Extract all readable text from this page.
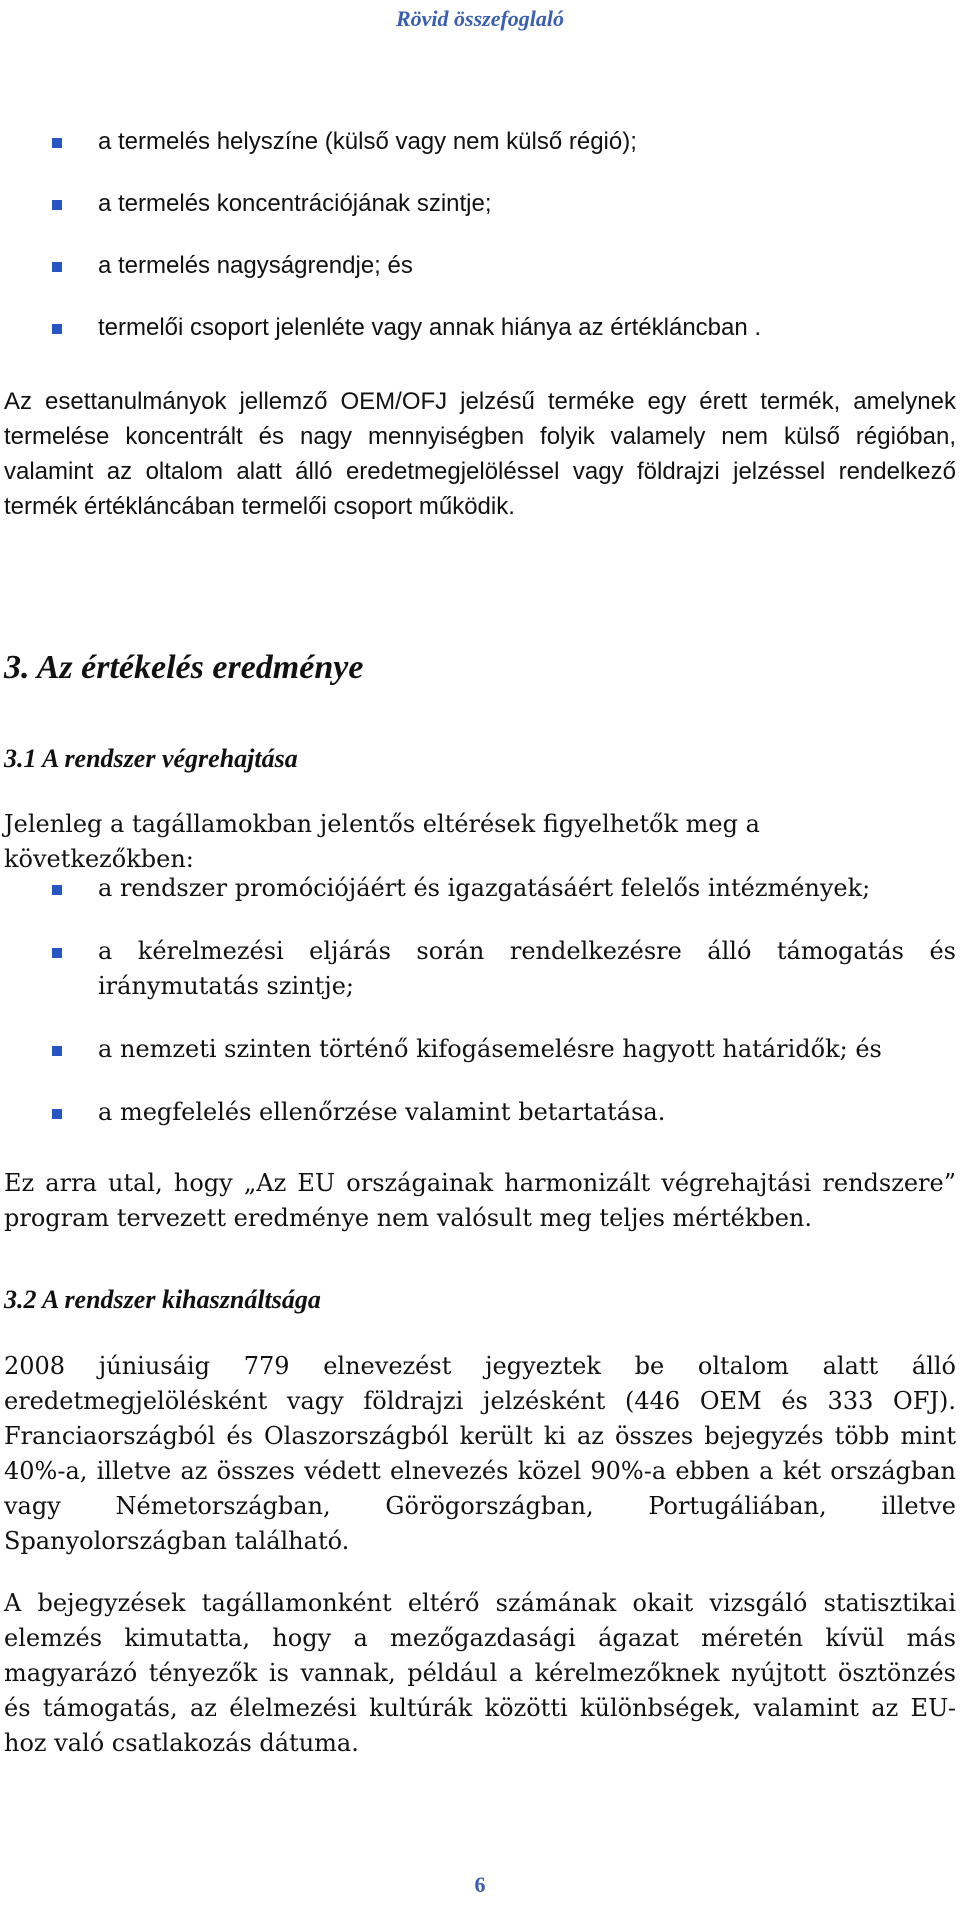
Rövid összefoglaló
a termelés helyszíne (külső vagy nem külső régió);
a termelés koncentrációjának szintje;
a termelés nagyságrendje; és
termelői csoport jelenléte vagy annak hiánya az értékláncban .

Az esettanulmányok jellemző OEM/OFJ jelzésű terméke egy érett termék, amelynek termelése koncentrált és nagy mennyiségben folyik valamely nem külső régióban, valamint az oltalom alatt álló eredetmegjelöléssel vagy földrajzi jelzéssel rendelkező termék értékláncában termelői csoport működik.

3. Az értékelés eredménye
3.1 A rendszer végrehajtása

Jelenleg a tagállamokban jelentős eltérések figyelhetők meg a következőkben:

a rendszer promóciójáért és igazgatásáért felelős intézmények;
a kérelmezési eljárás során rendelkezésre álló támogatás és iránymutatás szintje;
a nemzeti szinten történő kifogásemelésre hagyott határidők; és
a megfelelés ellenőrzése valamint betartatása.

Ez arra utal, hogy „Az EU országainak harmonizált végrehajtási rendszere” program tervezett eredménye nem valósult meg teljes mértékben.

3.2 A rendszer kihasználtsága

2008 júniusáig 779 elnevezést jegyeztek be oltalom alatt álló eredetmegjelölésként vagy földrajzi jelzésként (446 OEM és 333 OFJ). Franciaországból és Olaszországból került ki az összes bejegyzés több mint 40%-a, illetve az összes védett elnevezés közel 90%-a ebben a két országban vagy Németországban, Görögországban, Portugáliában, illetve Spanyolországban található.

A bejegyzések tagállamonként eltérő számának okait vizsgáló statisztikai elemzés kimutatta, hogy a mezőgazdasági ágazat méretén kívül más magyarázó tényezők is vannak, például a kérelmezőknek nyújtott ösztönzés és támogatás, az élelmezési kultúrák közötti különbségek, valamint az EU-hoz való csatlakozás dátuma.

6
